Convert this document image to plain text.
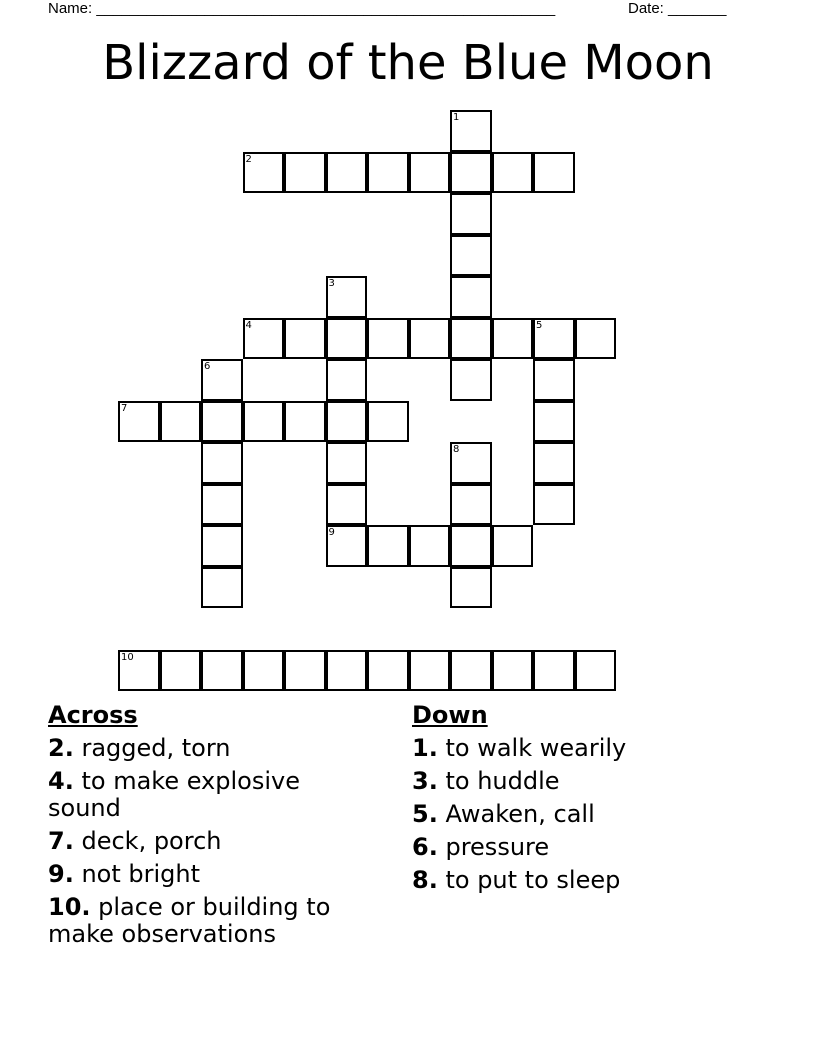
Name: _______________________________________________________	Date: _______
Blizzard of the Blue Moon
1
2
3
4	5
6
7
8
9
10
Across
2. ragged, torn
4. to make explosive sound
7. deck, porch
9. not bright
10. place or building to make observations
Down
1. to walk wearily
3. to huddle
5. Awaken, call
6. pressure
8. to put to sleep
